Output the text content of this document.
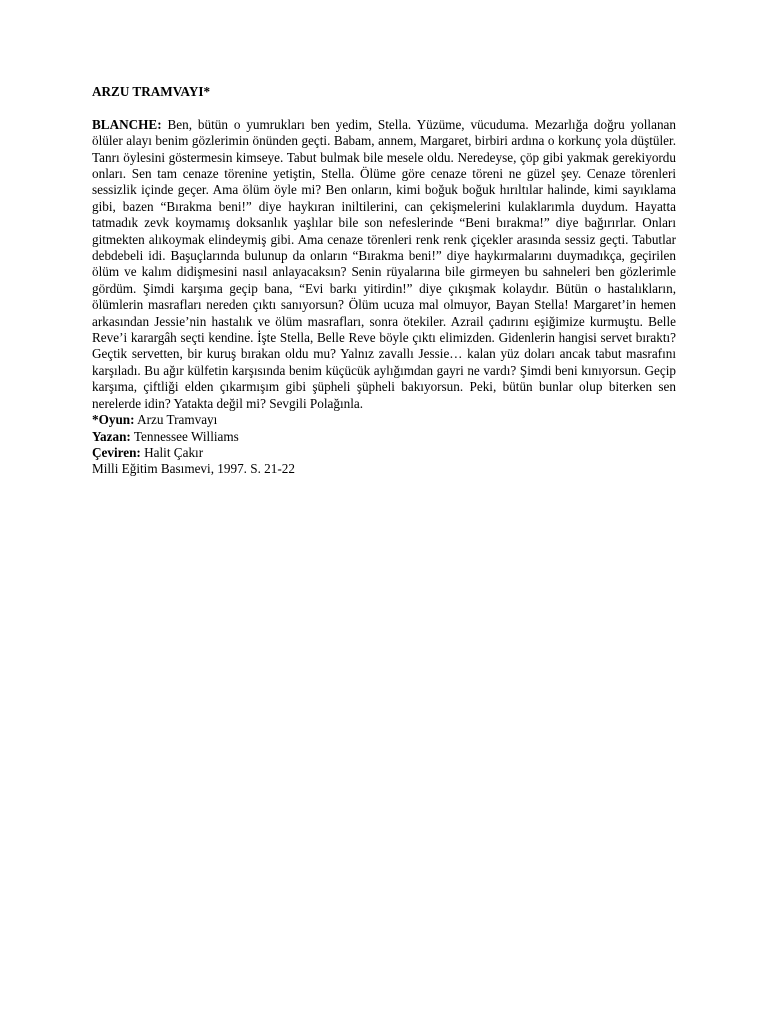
ARZU TRAMVAYI*

BLANCHE: Ben, bütün o yumrukları ben yedim, Stella. Yüzüme, vücuduma. Mezarlığa doğru yollanan ölüler alayı benim gözlerimin önünden geçti. Babam, annem, Margaret, birbiri ardına o korkunç yola düştüler. Tanrı öylesini göstermesin kimseye. Tabut bulmak bile mesele oldu. Neredeyse, çöp gibi yakmak gerekiyordu onları. Sen tam cenaze törenine yetiştin, Stella. Ölüme göre cenaze töreni ne güzel şey. Cenaze törenleri sessizlik içinde geçer. Ama ölüm öyle mi? Ben onların, kimi boğuk boğuk hırıltılar halinde, kimi sayıklama gibi, bazen “Bırakma beni!” diye haykıran iniltilerini, can çekişmelerini kulaklarımla duydum. Hayatta tatmadık zevk koymamış doksanlık yaşlılar bile son nefeslerinde “Beni bırakma!” diye bağırırlar. Onları gitmekten alıkoymak elindeymiş gibi. Ama cenaze törenleri renk renk çiçekler arasında sessiz geçti. Tabutlar debdebeli idi. Başuçlarında bulunup da onların “Bırakma beni!” diye haykırmalarını duymadıkça, geçirilen ölüm ve kalım didişmesini nasıl anlayacaksın? Senin rüyalarına bile girmeyen bu sahneleri ben gözlerimle gördüm. Şimdi karşıma geçip bana, “Evi barkı yitirdin!” diye çıkışmak kolaydır. Bütün o hastalıkların, ölümlerin masrafları nereden çıktı sanıyorsun? Ölüm ucuza mal olmuyor, Bayan Stella! Margaret’in hemen arkasından Jessie’nin hastalık ve ölüm masrafları, sonra ötekiler. Azrail çadırını eşiğimize kurmuştu. Belle Reve’i karargâh seçti kendine. İşte Stella, Belle Reve böyle çıktı elimizden. Gidenlerin hangisi servet bıraktı? Geçtik servetten, bir kuruş bırakan oldu mu? Yalnız zavallı Jessie… kalan yüz doları ancak tabut masrafını karşıladı. Bu ağır külfetin karşısında benim küçücük aylığımdan gayri ne vardı? Şimdi beni kınıyorsun. Geçip karşıma, çiftliği elden çıkarmışım gibi şüpheli şüpheli bakıyorsun. Peki, bütün bunlar olup biterken sen nerelerde idin? Yatakta değil mi? Sevgili Polağınla.

*Oyun: Arzu Tramvayı

Yazan: Tennessee Williams

Çeviren: Halit Çakır

Milli Eğitim Basımevi, 1997. S. 21-22
